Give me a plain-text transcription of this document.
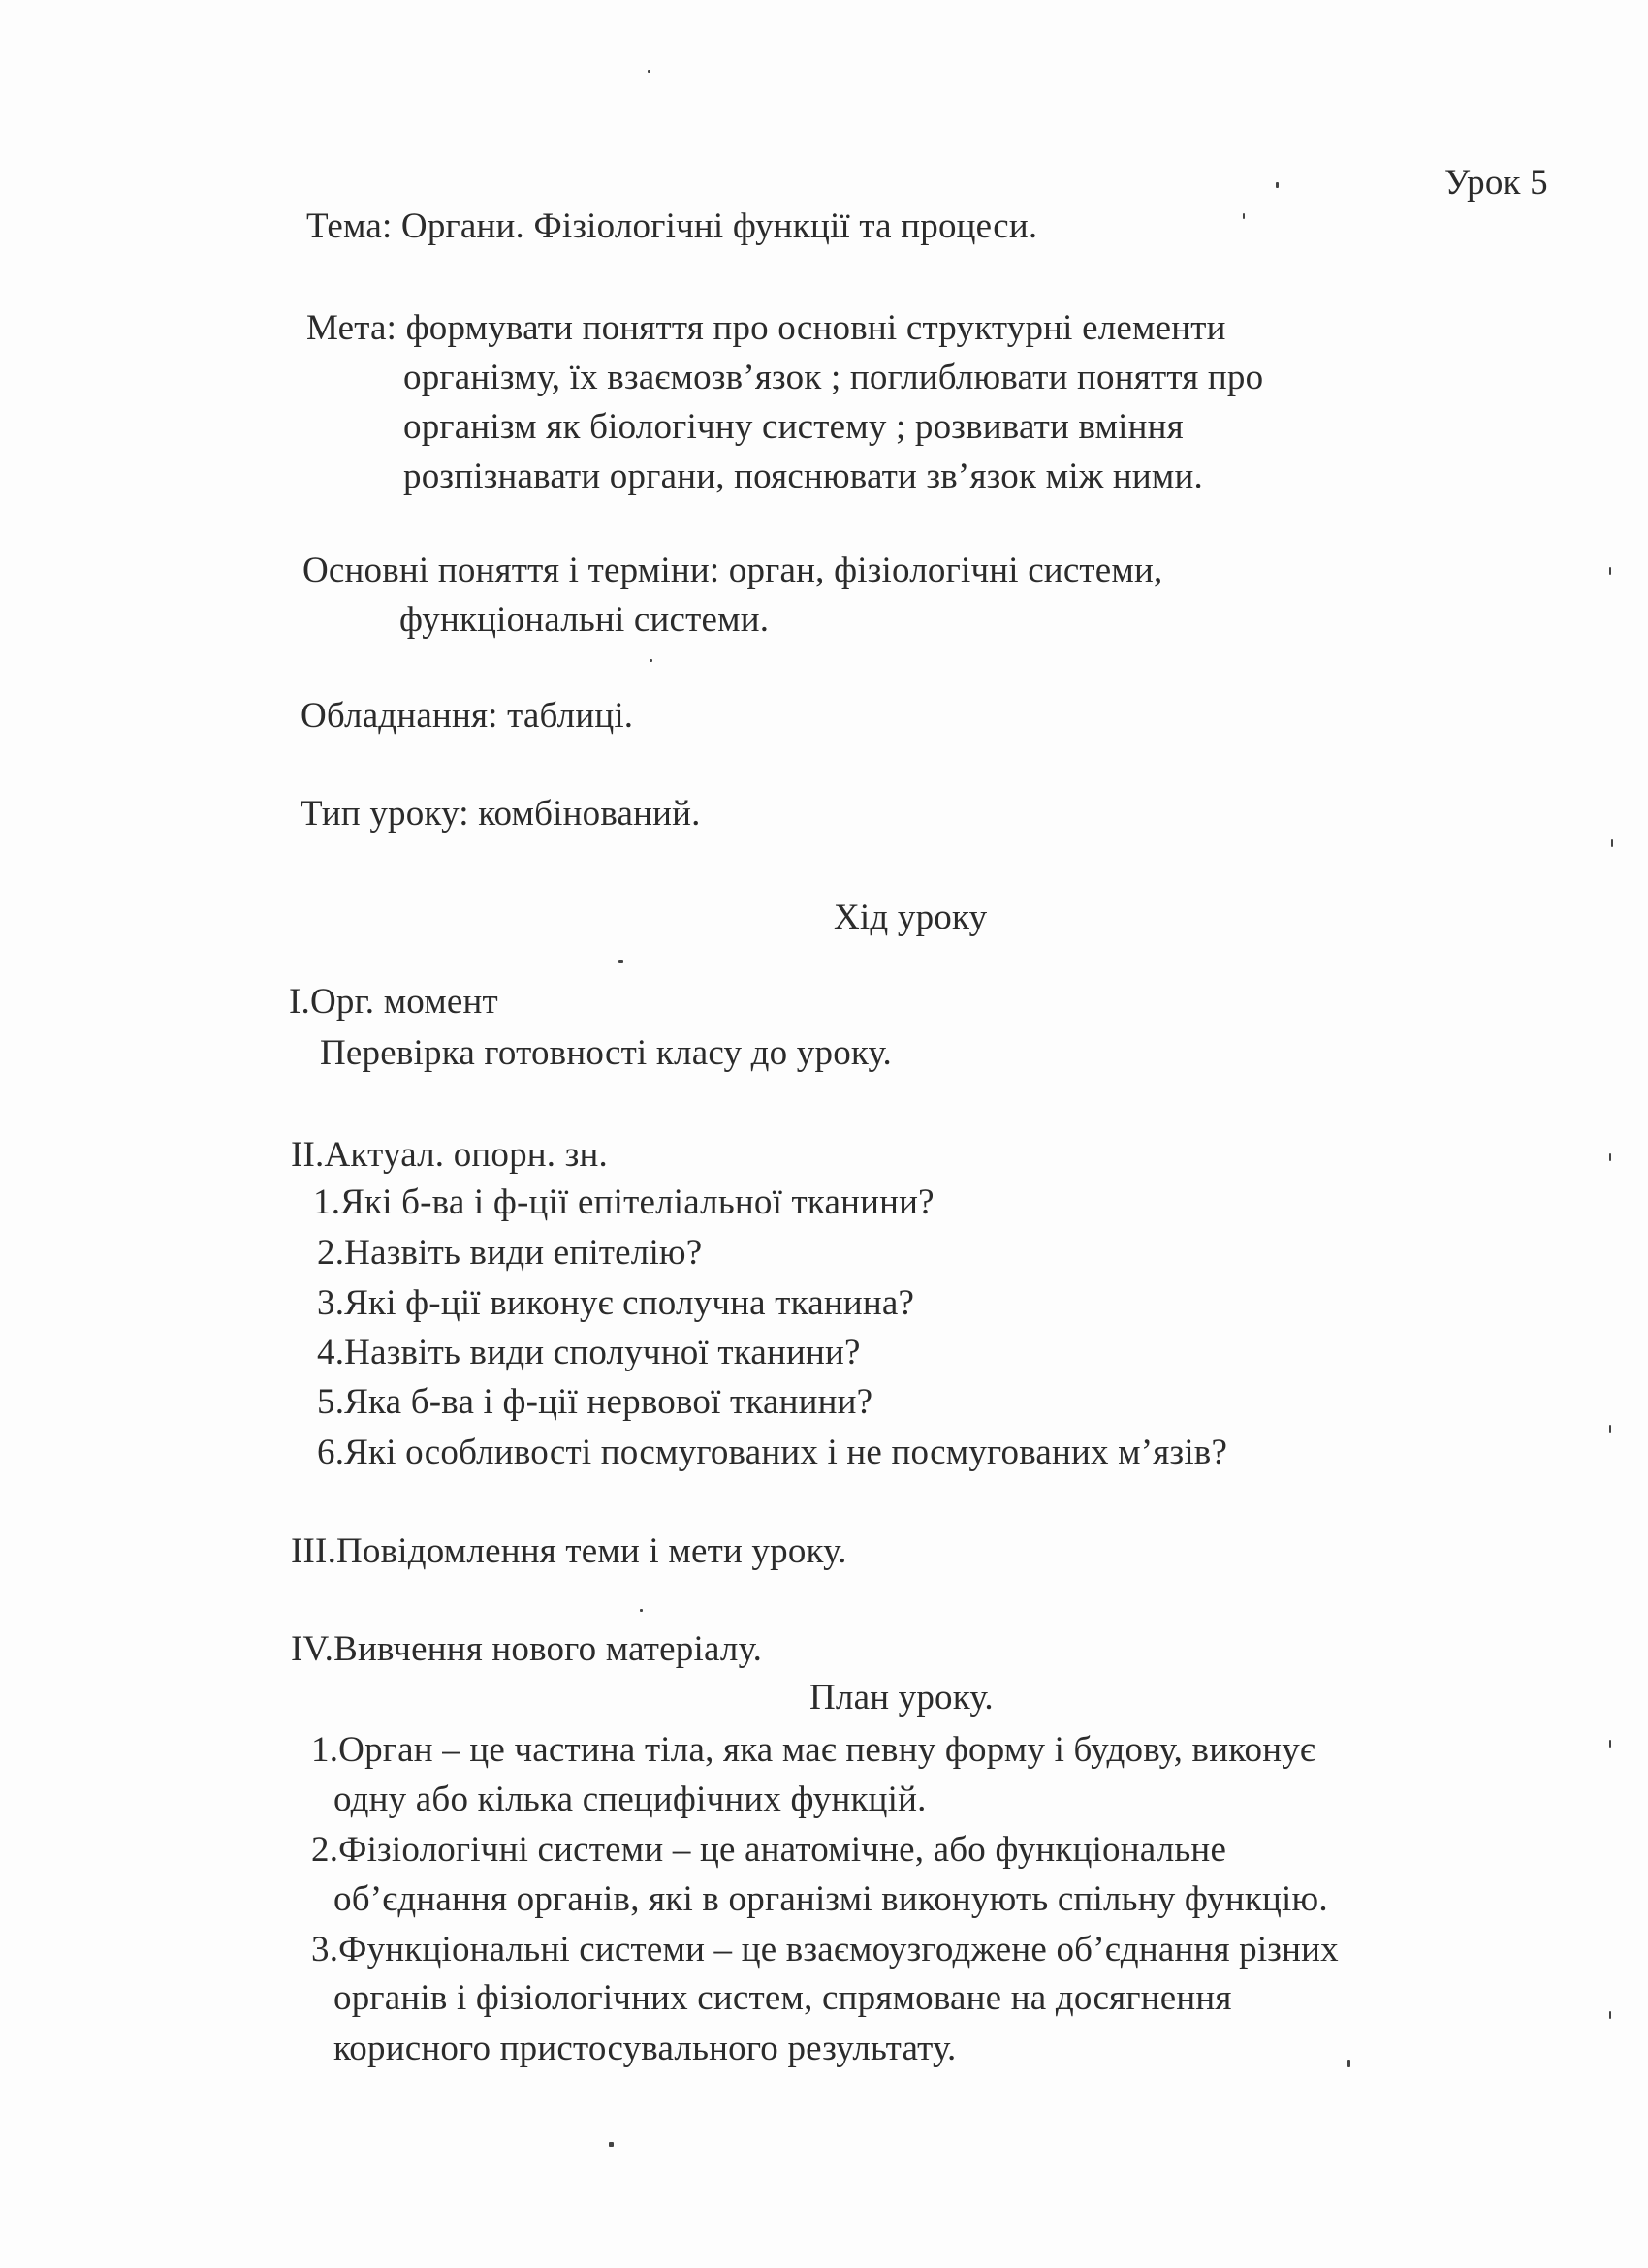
Урок 5
Тема: Органи. Фізіологічні функції та процеси.
Мета: формувати поняття про основні структурні елементи
організму, їх взаємозв’язок ; поглиблювати поняття про
організм як біологічну систему ; розвивати вміння
розпізнавати органи, пояснювати зв’язок між ними.
Основні поняття і терміни: орган, фізіологічні системи,
функціональні системи.
Обладнання: таблиці.
Тип уроку: комбінований.
Хід уроку
І.Орг. момент
Перевірка готовності класу до уроку.
ІІ.Актуал. опорн. зн.
1.Які б-ва і ф-ції епітеліальної тканини?
2.Назвіть види епітелію?
3.Які ф-ції виконує сполучна тканина?
4.Назвіть види сполучної тканини?
5.Яка б-ва і ф-ції нервової тканини?
6.Які особливості посмугованих і не посмугованих м’язів?
ІІІ.Повідомлення теми і мети уроку.
ІV.Вивчення нового матеріалу.
План уроку.
1.Орган – це частина тіла, яка має певну форму і будову, виконує
одну або кілька специфічних функцій.
2.Фізіологічні системи – це анатомічне, або функціональне
об’єднання органів, які в організмі виконують спільну функцію.
3.Функціональні системи – це взаємоузгоджене об’єднання різних
органів і фізіологічних систем, спрямоване на досягнення
корисного пристосувального результату.
